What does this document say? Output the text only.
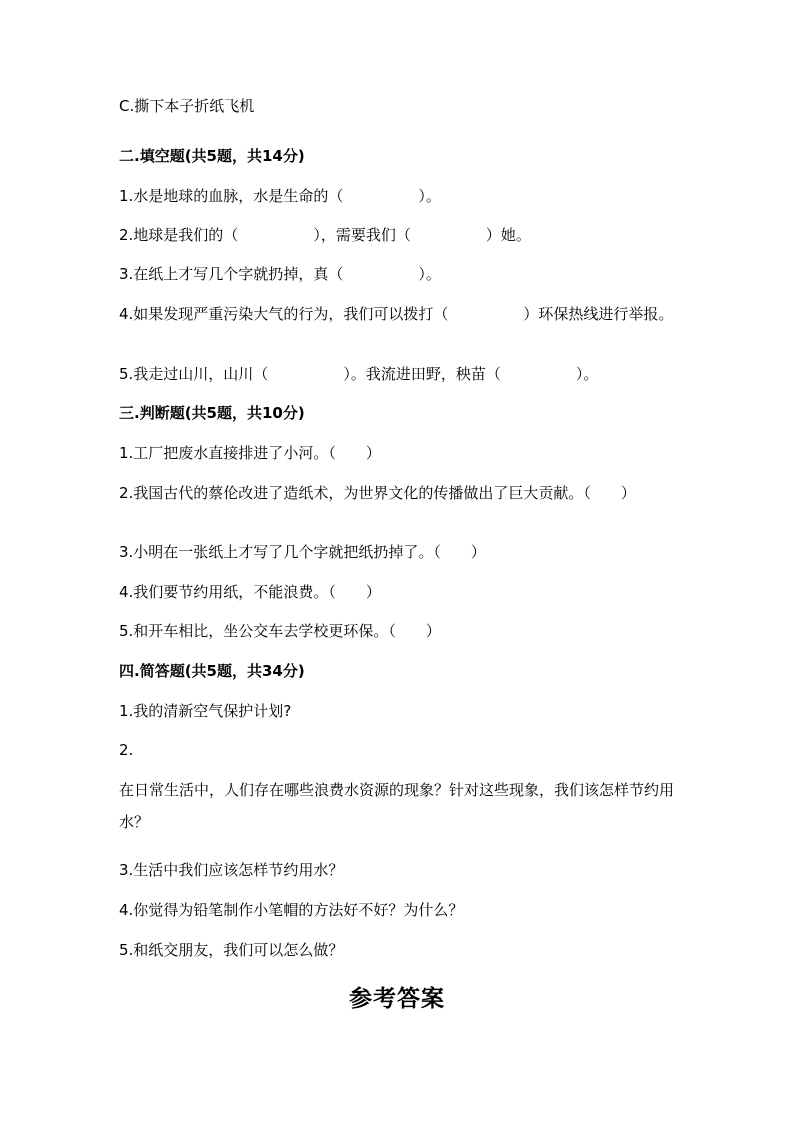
C.撕下本子折纸飞机
二.填空题(共5题，共14分)
1.水是地球的血脉，水是生命的（　　　　　）。
2.地球是我们的（　　　　　），需要我们（　　　　　）她。
3.在纸上才写几个字就扔掉，真（　　　　　）。
4.如果发现严重污染大气的行为，我们可以拨打（　　　　　）环保热线进行举报。
5.我走过山川，山川（　　　　　）。我流进田野，秧苗（　　　　　）。
三.判断题(共5题，共10分)
1.工厂把废水直接排进了小河。（　　）
2.我国古代的蔡伦改进了造纸术，为世界文化的传播做出了巨大贡献。（　　）
3.小明在一张纸上才写了几个字就把纸扔掉了。（　　）
4.我们要节约用纸，不能浪费。（　　）
5.和开车相比，坐公交车去学校更环保。（　　）
四.简答题(共5题，共34分)
1.我的清新空气保护计划?
2.
在日常生活中，人们存在哪些浪费水资源的现象？针对这些现象，我们该怎样节约用水？
3.生活中我们应该怎样节约用水？
4.你觉得为铅笔制作小笔帽的方法好不好？为什么？
5.和纸交朋友，我们可以怎么做？
参考答案
